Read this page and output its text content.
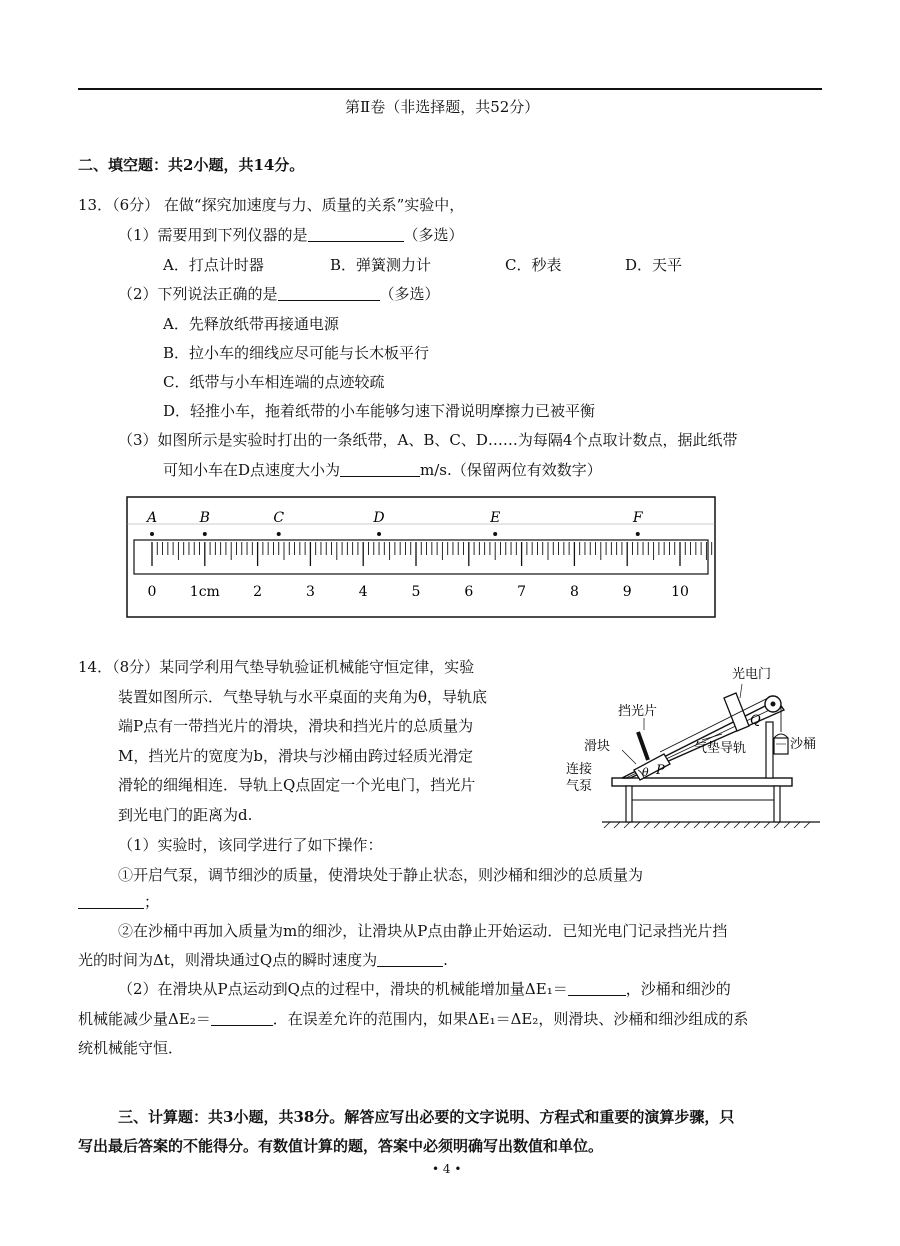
第Ⅱ卷（非选择题，共52分）
二、填空题：共2小题，共14分。
13．（6分） 在做“探究加速度与力、质量的关系”实验中，
（1）需要用到下列仪器的是	（多选）
A．打点计时器	B．弹簧测力计	C．秒表	D．天平
（2）下列说法正确的是	（多选）
A．先释放纸带再接通电源
B．拉小车的细线应尽可能与长木板平行
C．纸带与小车相连端的点迹较疏
D．轻推小车，拖着纸带的小车能够匀速下滑说明摩擦力已被平衡
（3）如图所示是实验时打出的一条纸带，A、B、C、D……为每隔4个点取计数点，据此纸带
可知小车在D点速度大小为	m/s.（保留两位有效数字）
A	B	C	D	E	F
0 1cm 2	3	4	5	6	7	8	9	10
14．（8分）某同学利用气垫导轨验证机械能守恒定律，实验
装置如图所示．气垫导轨与水平桌面的夹角为θ，导轨底
端P点有一带挡光片的滑块，滑块和挡光片的总质量为
M，挡光片的宽度为b，滑块与沙桶由跨过轻质光滑定
滑轮的细绳相连．导轨上Q点固定一个光电门，挡光片
到光电门的距离为d.
（1）实验时，该同学进行了如下操作：
①开启气泵，调节细沙的质量，使滑块处于静止状态，则沙桶和细沙的总质量为
；
②在沙桶中再加入质量为m的细沙，让滑块从P点由静止开始运动．已知光电门记录挡光片挡
光的时间为Δt，则滑块通过Q点的瞬时速度为	.
（2）在滑块从P点运动到Q点的过程中，滑块的机械能增加量ΔE₁＝	，沙桶和细沙的
机械能减少量ΔE₂＝	．在误差允许的范围内，如果ΔE₁＝ΔE₂，则滑块、沙桶和细沙组成的系
统机械能守恒．
光电门
挡光片
滑块
连接
气泵
气垫导轨	沙桶
Q
P
θ
三、计算题：共3小题，共38分。解答应写出必要的文字说明、方程式和重要的演算步骤，只
写出最后答案的不能得分。有数值计算的题，答案中必须明确写出数值和单位。
• 4 •
